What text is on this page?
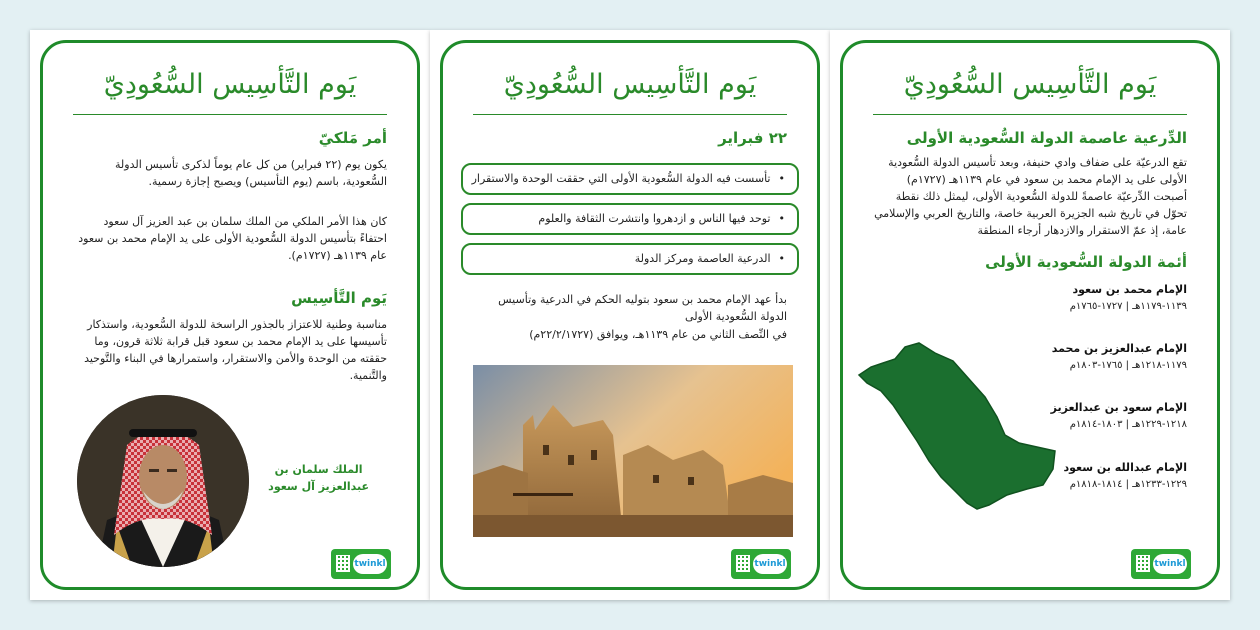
يَوم التَّأسِيس السُّعُودِيّ
أمر مَلكيّ
يكون يوم (٢٢ فبراير) من كل عام يوماً لذكرى تأسيس الدولة السُّعودية، باسم (يوم التأسيس) ويصبح إجازة رسمية.
كان هذا الأمر الملكي من الملك سلمان بن عبد العزيز آل سعود احتفاءً بتأسيس الدولة السُّعودية الأولى على يد الإمام محمد بن سعود عام ١١٣٩هـ (١٧٢٧م).
يَوم التَّأسِيس
مناسبة وطنية للاعتزاز بالجذور الراسخة للدولة السُّعودية، واستذكار تأسيسها على يد الإمام محمد بن سعود قبل قرابة ثلاثة قرون، وما حققته من الوحدة والأمن والاستقرار، واستمرارها في البناء والتَّوحيد والتَّنمية.
الملك سلمان بن
عبدالعزيز آل سعود
twinkl
يَوم التَّأسِيس السُّعُودِيّ
٢٢ فبراير
•تأسست فيه الدولة السُّعودية الأولى التي حققت الوحدة والاستقرار
•توحد فيها الناس و ازدهروا وانتشرت الثقافة والعلوم
•الدرعية العاصمة ومركز الدولة
بدأ عهد الإمام محمد بن سعود بتوليه الحكم في الدرعية وتأسيس الدولة السُّعودية الأولى
في النِّصف الثاني من عام ١١٣٩هـ، ويوافق (٢٢/٢/١٧٢٧م)
twinkl
يَوم التَّأسِيس السُّعُودِيّ
الدِّرعية عاصمة الدولة السُّعودية الأولى
تقع الدرعيّة على ضفاف وادي حنيفة، وبعد تأسيس الدولة السُّعودية الأولى على يد الإمام محمد بن سعود في عام ١١٣٩هـ (١٧٢٧م) أصبحت الدِّرعيّة عاصمةً للدولة السُّعودية الأولى، ليمثل ذلك نقطة تحوّل في تاريخ شبه الجزيرة العربية خاصة، والتاريخ العربي والإسلامي عامة، إذ عمّ الاستقرار والازدهار أرجاء المنطقة
أئمة الدولة السُّعودية الأولى
الإمام محمد بن سعود
١١٣٩-١١٧٩هـ | ١٧٢٧-١٧٦٥م
الإمام عبدالعزيز بن محمد
١١٧٩-١٢١٨هـ | ١٧٦٥-١٨٠٣م
الإمام سعود بن عبدالعزيز
١٢١٨-١٢٢٩هـ | ١٨٠٣-١٨١٤م
الإمام عبدالله بن سعود
١٢٢٩-١٢٣٣هـ | ١٨١٤-١٨١٨م
twinkl
